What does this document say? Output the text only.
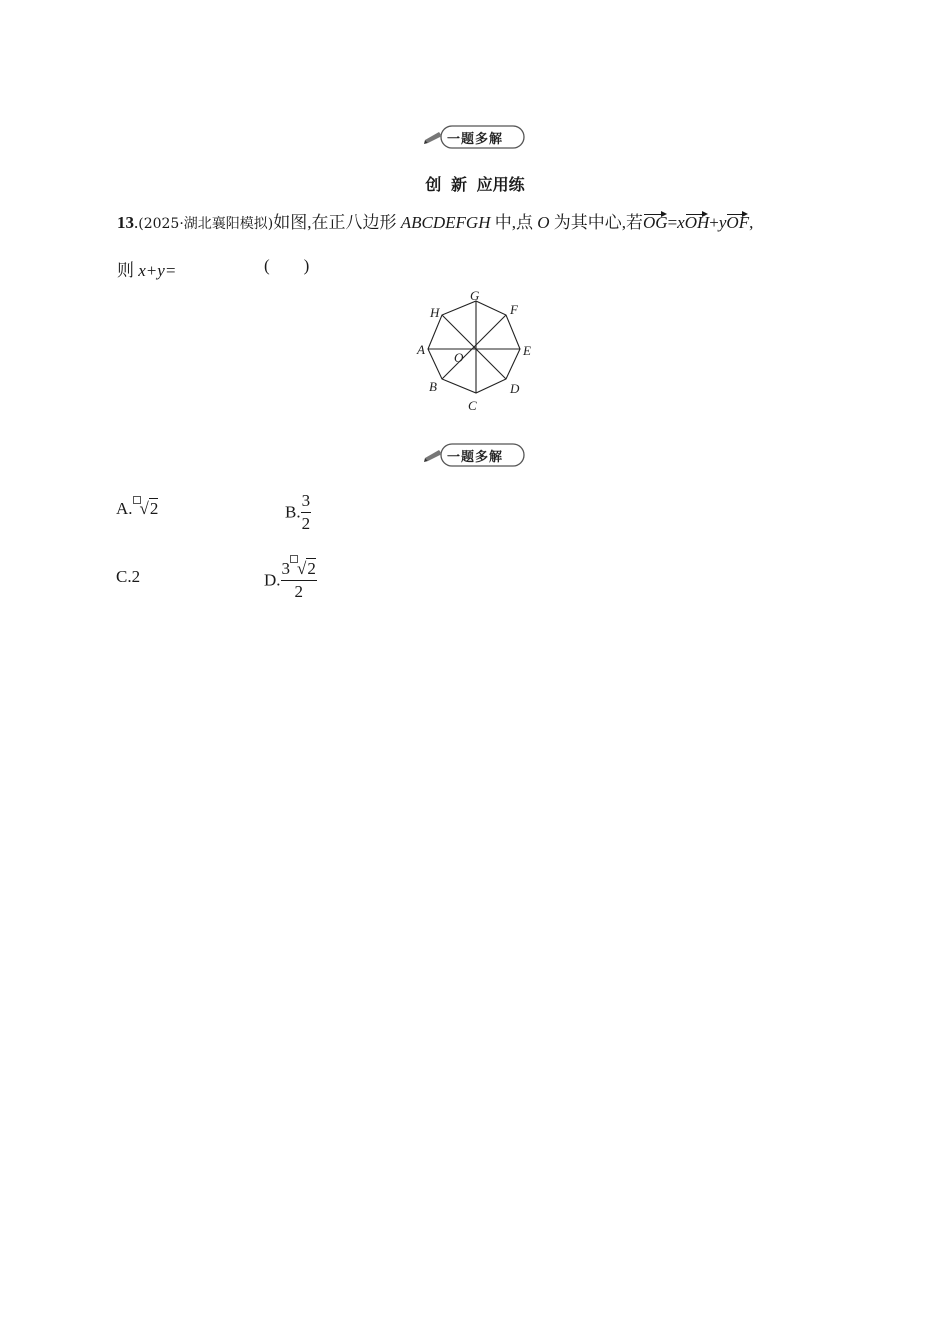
一题多解
创 新 应用练
13.(2025·湖北襄阳模拟)如图,在正八边形 ABCDEFGH 中,点 O 为其中心,若OG=xOH+yOF,
则 x+y=	(        )
G
F
E
D
C
B
A
H
O
一题多解
A. √2	B. $\frac{3}{2}$
C.2	D. $\frac{3 √2}{2}$
